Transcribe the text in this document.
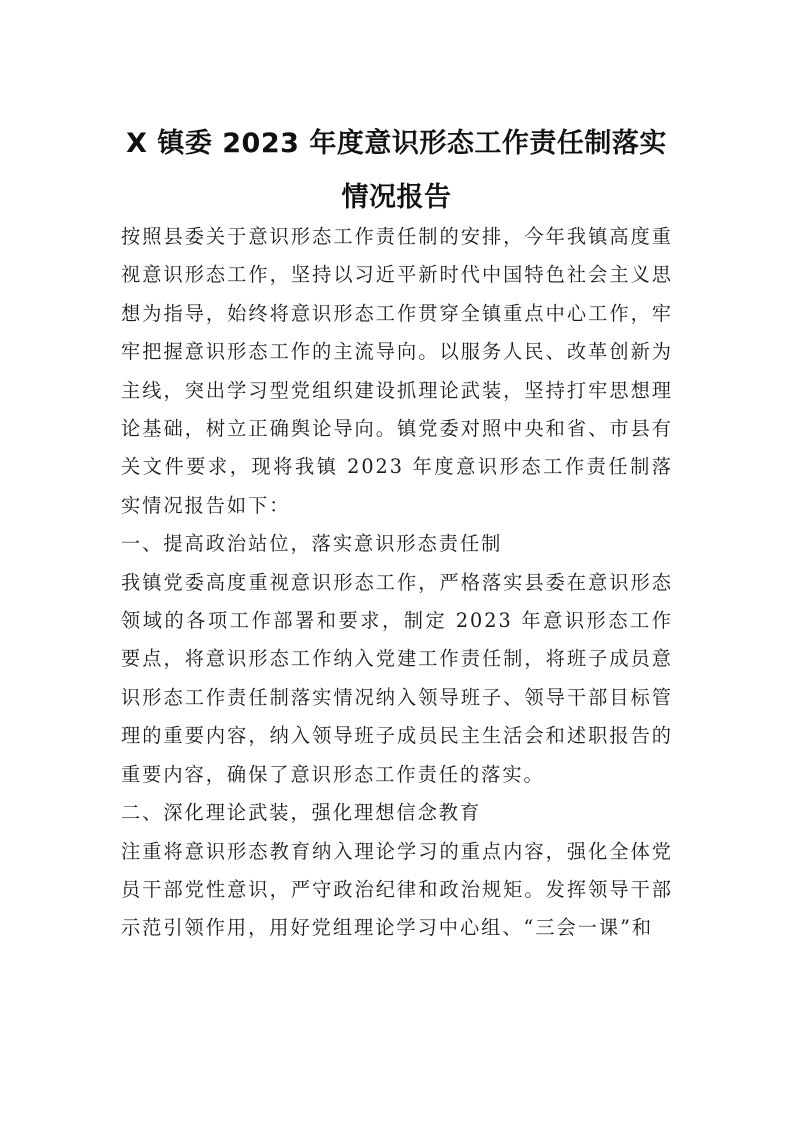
X 镇委 2023 年度意识形态工作责任制落实
情况报告

按照县委关于意识形态工作责任制的安排，今年我镇高度重视意识形态工作，坚持以习近平新时代中国特色社会主义思想为指导，始终将意识形态工作贯穿全镇重点中心工作，牢牢把握意识形态工作的主流导向。以服务人民、改革创新为主线，突出学习型党组织建设抓理论武装，坚持打牢思想理论基础，树立正确舆论导向。镇党委对照中央和省、市县有关文件要求，现将我镇 2023 年度意识形态工作责任制落实情况报告如下：

一、提高政治站位，落实意识形态责任制

我镇党委高度重视意识形态工作，严格落实县委在意识形态领域的各项工作部署和要求，制定 2023 年意识形态工作要点，将意识形态工作纳入党建工作责任制，将班子成员意识形态工作责任制落实情况纳入领导班子、领导干部目标管理的重要内容，纳入领导班子成员民主生活会和述职报告的重要内容，确保了意识形态工作责任的落实。

二、深化理论武装，强化理想信念教育

注重将意识形态教育纳入理论学习的重点内容，强化全体党员干部党性意识，严守政治纪律和政治规矩。发挥领导干部示范引领作用，用好党组理论学习中心组、“三会一课”和
